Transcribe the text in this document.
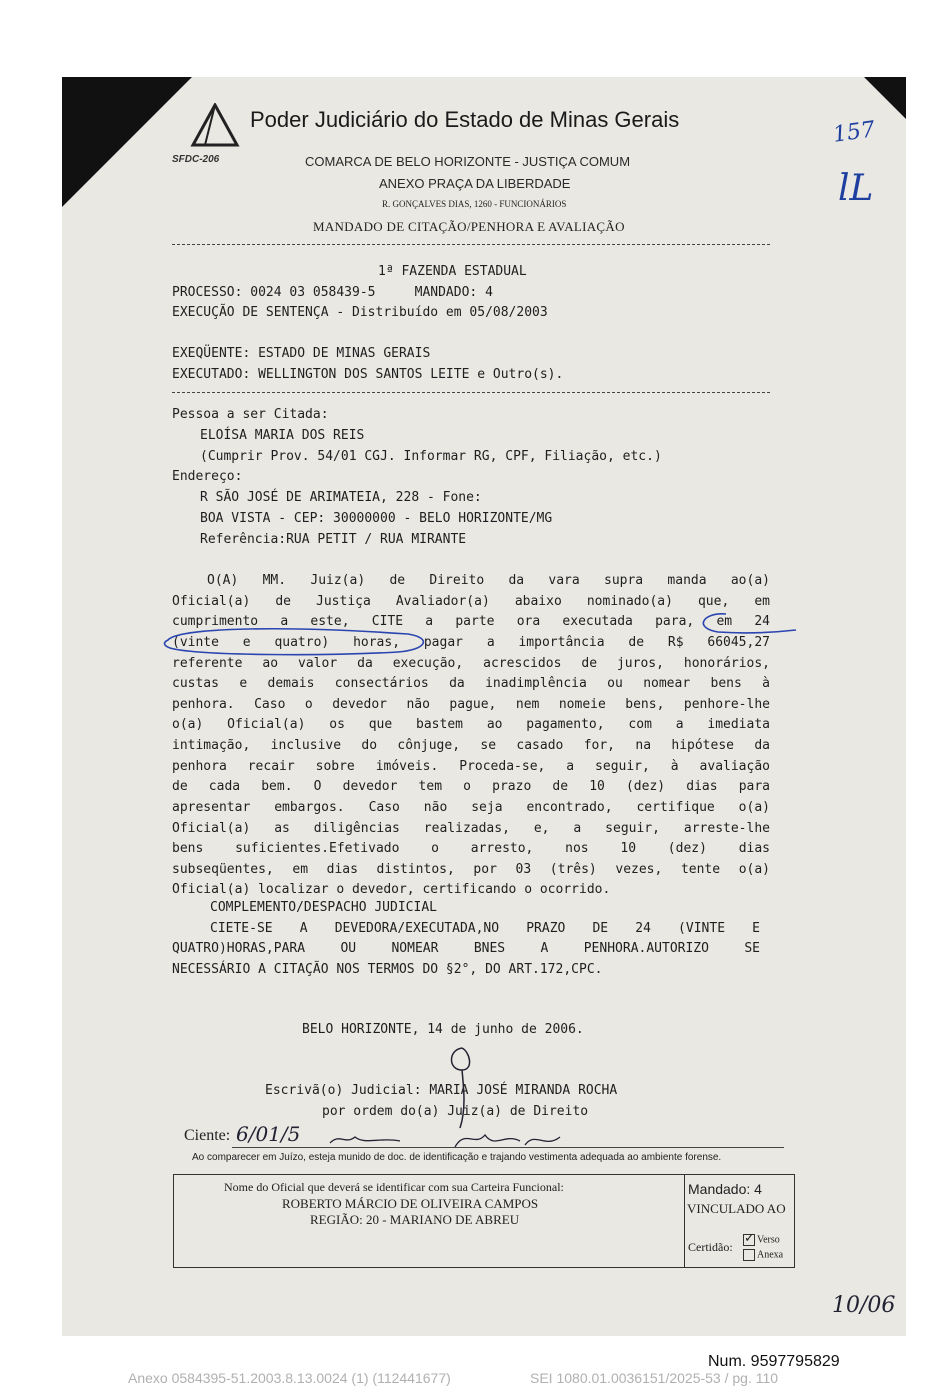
Poder Judiciário do Estado de Minas Gerais
SFDC-206	COMARCA DE BELO HORIZONTE - JUSTIÇA COMUM
ANEXO PRAÇA DA LIBERDADE
R. GONÇALVES DIAS, 1260 - FUNCIONÁRIOS
MANDADO DE CITAÇÃO/PENHORA E AVALIAÇÃO
1ª FAZENDA ESTADUAL
PROCESSO: 0024 03 058439-5     MANDADO: 4
EXECUÇÃO DE SENTENÇA - Distribuído em 05/08/2003
EXEQÜENTE: ESTADO DE MINAS GERAIS
EXECUTADO: WELLINGTON DOS SANTOS LEITE e Outro(s).
Pessoa a ser Citada:
ELOÍSA MARIA DOS REIS
(Cumprir Prov. 54/01 CGJ. Informar RG, CPF, Filiação, etc.)
Endereço:
R SÃO JOSÉ DE ARIMATEIA, 228 - Fone:
BOA VISTA - CEP: 30000000 - BELO HORIZONTE/MG
Referência:RUA PETIT / RUA MIRANTE
O(A) MM. Juiz(a) de Direito da vara supra manda ao(a)
Oficial(a) de Justiça Avaliador(a) abaixo nominado(a) que, em
cumprimento a este, CITE a parte ora executada para, em 24
(vinte e quatro) horas, pagar a importância de R$ 66045,27
referente ao valor da execução, acrescidos de juros, honorários,
custas e demais consectários da inadimplência ou nomear bens à
penhora. Caso o devedor não pague, nem nomeie bens, penhore-lhe
o(a) Oficial(a) os que bastem ao pagamento, com a imediata
intimação, inclusive do cônjuge, se casado for, na hipótese da
penhora recair sobre imóveis. Proceda-se, a seguir, à avaliação
de cada bem. O devedor tem o prazo de 10 (dez) dias para
apresentar embargos. Caso não seja encontrado, certifique o(a)
Oficial(a) as diligências realizadas, e, a seguir, arreste-lhe
bens suficientes.Efetivado o arresto, nos 10 (dez) dias
subseqüentes, em dias distintos, por 03 (três) vezes, tente o(a)
Oficial(a) localizar o devedor, certificando o ocorrido.
COMPLEMENTO/DESPACHO JUDICIAL
CIETE-SE A DEVEDORA/EXECUTADA,NO PRAZO DE 24 (VINTE E
QUATRO)HORAS,PARA OU NOMEAR BNES A PENHORA.AUTORIZO SE
NECESSÁRIO A CITAÇÃO NOS TERMOS DO §2°, DO ART.172,CPC.
BELO HORIZONTE, 14 de junho de 2006.
Escrivã(o) Judicial: MARIA JOSÉ MIRANDA ROCHA
por ordem do(a) Juiz(a) de Direito
Ciente: 6/01/5
Ao comparecer em Juízo, esteja munido de doc. de identificação e trajando vestimenta adequada ao ambiente forense.
Nome do Oficial que deverá se identificar com sua Carteira Funcional:
ROBERTO MÁRCIO DE OLIVEIRA CAMPOS
REGIÃO: 20 - MARIANO DE ABREU
Mandado: 4
VINCULADO AO
Certidão:
✓ Verso
Anexa
157
lL
10/06
Num. 9597795829
Anexo 0584395-51.2003.8.13.0024 (1) (112441677)	SEI 1080.01.0036151/2025-53 / pg. 110
